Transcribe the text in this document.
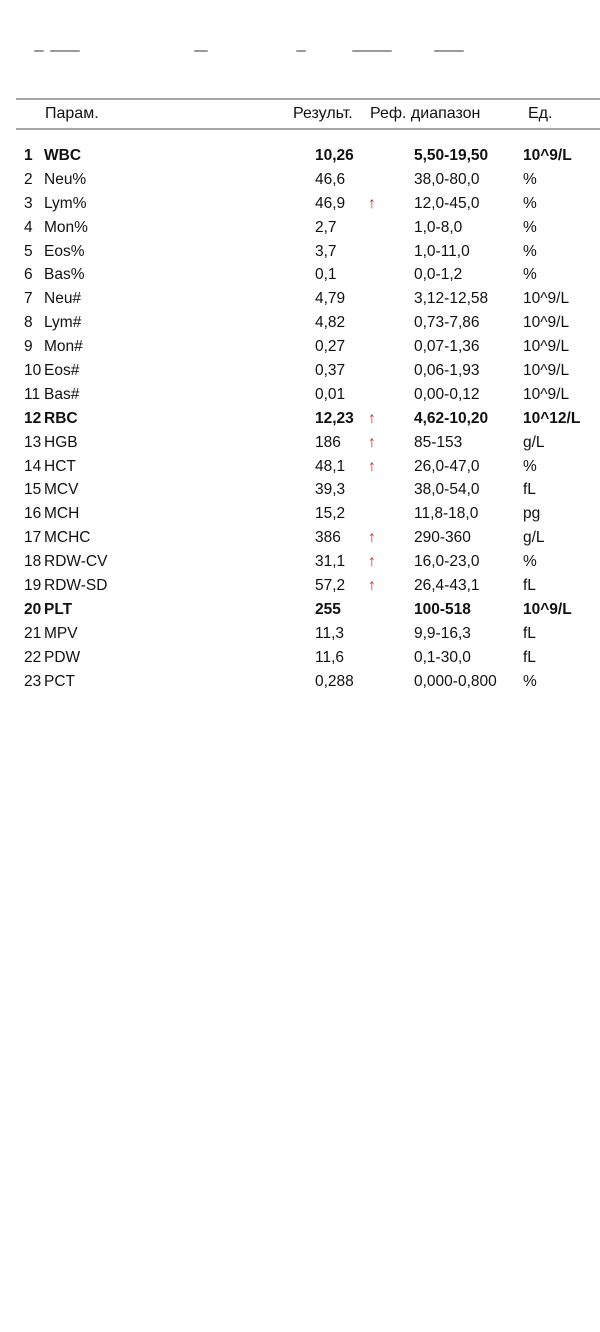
Парам.	Результ. Реф. диапазон	Ед.
1 WBC	10,26	5,50-19,50 10^9/L
2 Neu%	46,6	38,0-80,0	%
3 Lym%	46,9 ↑ 12,0-45,0	%
4 Mon%	2,7	1,0-8,0	%
5 Eos%	3,7	1,0-11,0	%
6 Bas%	0,1	0,0-1,2	%
7 Neu#	4,79	3,12-12,58 10^9/L
8 Lym#	4,82	0,73-7,86	10^9/L
9 Mon#	0,27	0,07-1,36	10^9/L
10 Eos#	0,37	0,06-1,93	10^9/L
11 Bas#	0,01	0,00-0,12	10^9/L
12 RBC	12,23 ↑ 4,62-10,20 10^12/L
13 HGB	186 ↑ 85-153	g/L
14 HCT	48,1 ↑ 26,0-47,0	%
15 MCV	39,3	38,0-54,0	fL
16 MCH	15,2	11,8-18,0	pg
17 MCHC	386 ↑ 290-360	g/L
18 RDW-CV	31,1 ↑ 16,0-23,0	%
19 RDW-SD	57,2 ↑ 26,4-43,1	fL
20 PLT	255	100-518	10^9/L
21 MPV	11,3	9,9-16,3	fL
22 PDW	11,6	0,1-30,0	fL
23 PCT	0,288	0,000-0,800 %
